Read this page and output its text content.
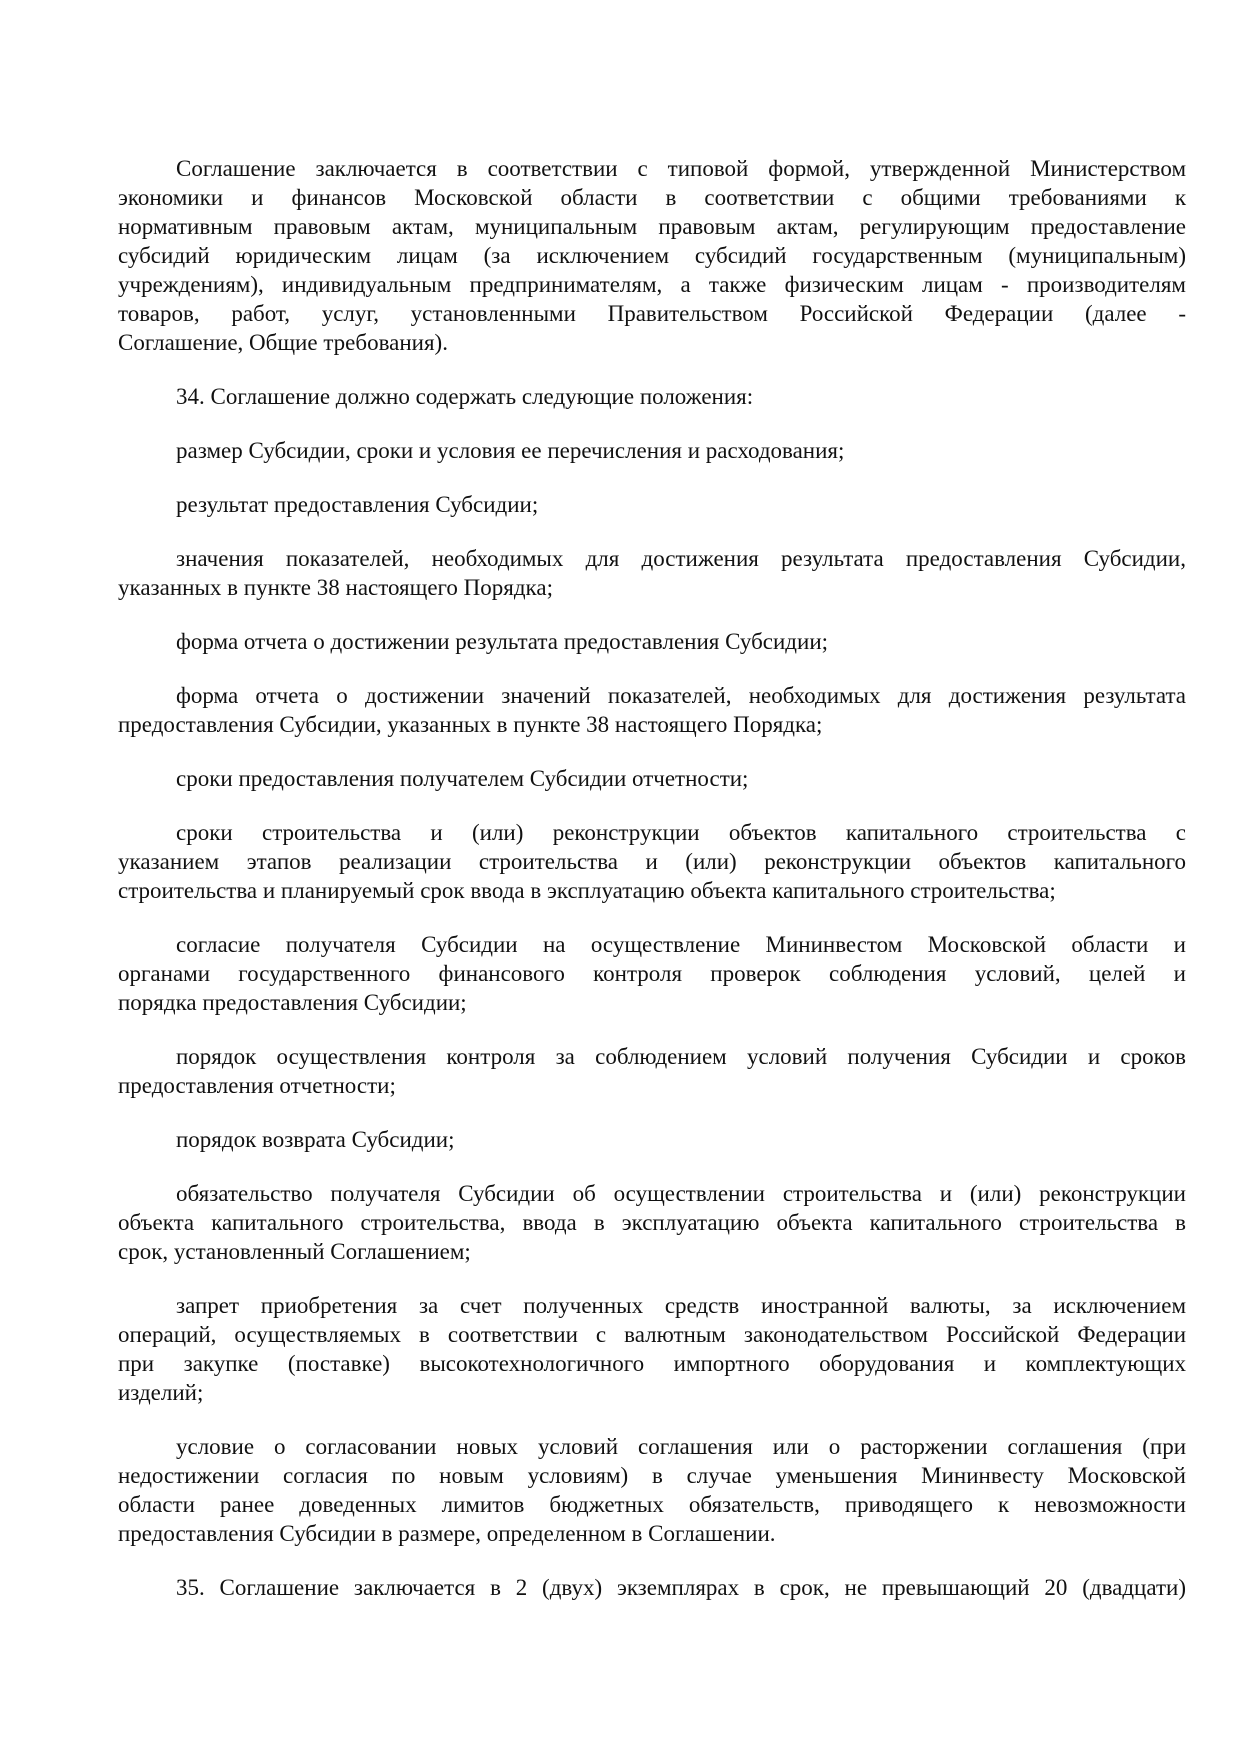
Соглашение заключается в соответствии с типовой формой, утвержденной Министерством
экономики и финансов Московской области в соответствии с общими требованиями к
нормативным правовым актам, муниципальным правовым актам, регулирующим предоставление
субсидий юридическим лицам (за исключением субсидий государственным (муниципальным)
учреждениям), индивидуальным предпринимателям, а также физическим лицам - производителям
товаров, работ, услуг, установленными Правительством Российской Федерации (далее -
Соглашение, Общие требования).
34. Соглашение должно содержать следующие положения:
размер Субсидии, сроки и условия ее перечисления и расходования;
результат предоставления Субсидии;
значения показателей, необходимых для достижения результата предоставления Субсидии,
указанных в пункте 38 настоящего Порядка;
форма отчета о достижении результата предоставления Субсидии;
форма отчета о достижении значений показателей, необходимых для достижения результата
предоставления Субсидии, указанных в пункте 38 настоящего Порядка;
сроки предоставления получателем Субсидии отчетности;
сроки строительства и (или) реконструкции объектов капитального строительства с
указанием этапов реализации строительства и (или) реконструкции объектов капитального
строительства и планируемый срок ввода в эксплуатацию объекта капитального строительства;
согласие получателя Субсидии на осуществление Мининвестом Московской области и
органами государственного финансового контроля проверок соблюдения условий, целей и
порядка предоставления Субсидии;
порядок осуществления контроля за соблюдением условий получения Субсидии и сроков
предоставления отчетности;
порядок возврата Субсидии;
обязательство получателя Субсидии об осуществлении строительства и (или) реконструкции
объекта капитального строительства, ввода в эксплуатацию объекта капитального строительства в
срок, установленный Соглашением;
запрет приобретения за счет полученных средств иностранной валюты, за исключением
операций, осуществляемых в соответствии с валютным законодательством Российской Федерации
при закупке (поставке) высокотехнологичного импортного оборудования и комплектующих
изделий;
условие о согласовании новых условий соглашения или о расторжении соглашения (при
недостижении согласия по новым условиям) в случае уменьшения Мининвесту Московской
области ранее доведенных лимитов бюджетных обязательств, приводящего к невозможности
предоставления Субсидии в размере, определенном в Соглашении.
35. Соглашение заключается в 2 (двух) экземплярах в срок, не превышающий 20 (двадцати)
